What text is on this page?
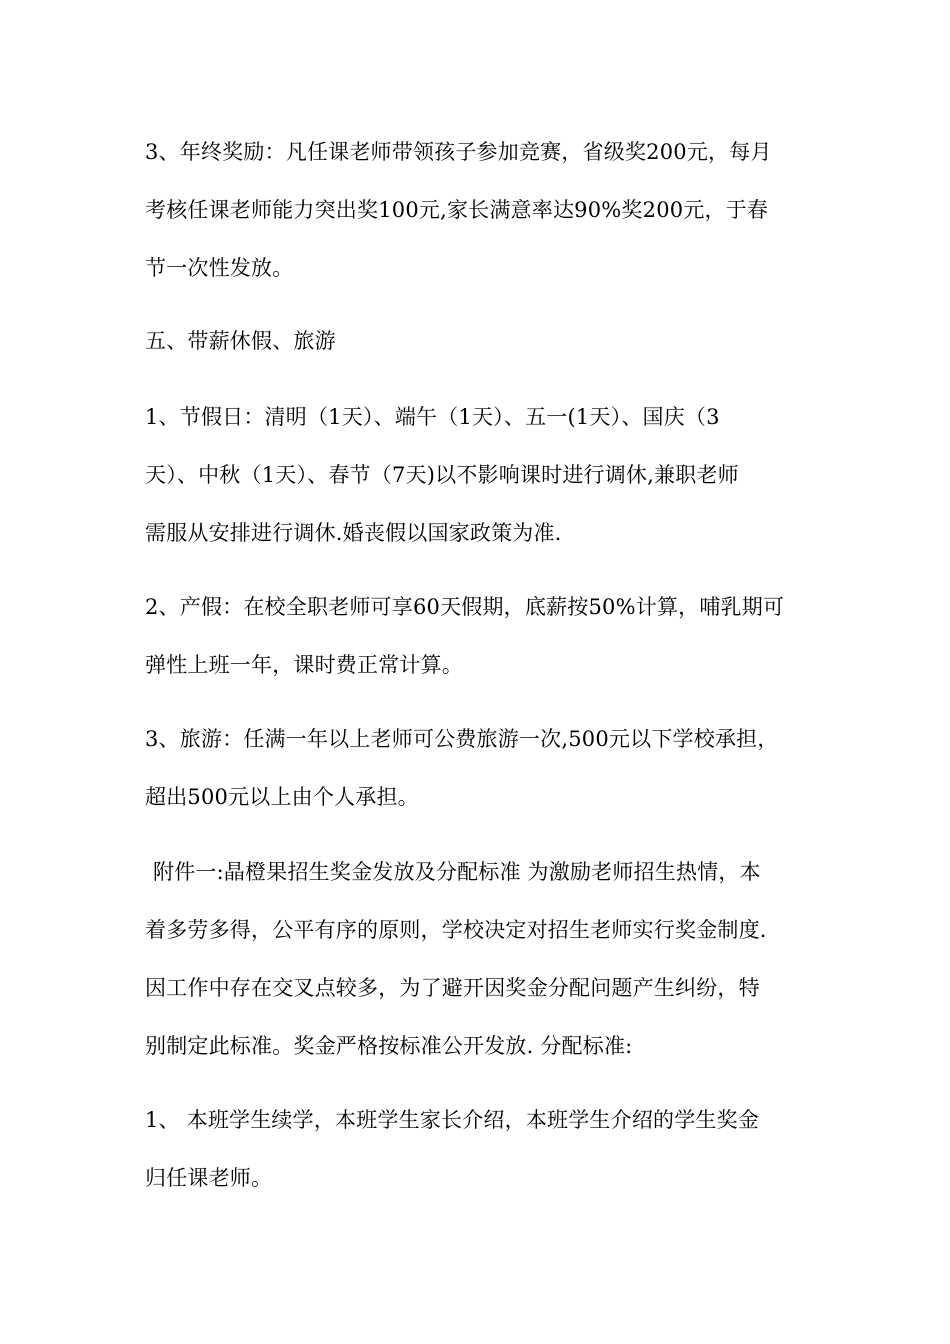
3、年终奖励：凡任课老师带领孩子参加竞赛，省级奖200元，每月
考核任课老师能力突出奖100元,家长满意率达90%奖200元，于春
节一次性发放。
五、带薪休假、旅游
1、节假日：清明（1天）、端午（1天）、五一(1天）、国庆（3
天）、中秋（1天）、春节（7天)以不影响课时进行调休,兼职老师
需服从安排进行调休.婚丧假以国家政策为准.
2、产假：在校全职老师可享60天假期，底薪按50%计算，哺乳期可
弹性上班一年，课时费正常计算。
3、旅游：任满一年以上老师可公费旅游一次,500元以下学校承担，
超出500元以上由个人承担。
附件一:晶橙果招生奖金发放及分配标准 为激励老师招生热情，本
着多劳多得，公平有序的原则，学校决定对招生老师实行奖金制度.
因工作中存在交叉点较多，为了避开因奖金分配问题产生纠纷，特
别制定此标准。奖金严格按标准公开发放. 分配标准:
1、 本班学生续学，本班学生家长介绍，本班学生介绍的学生奖金
归任课老师。
